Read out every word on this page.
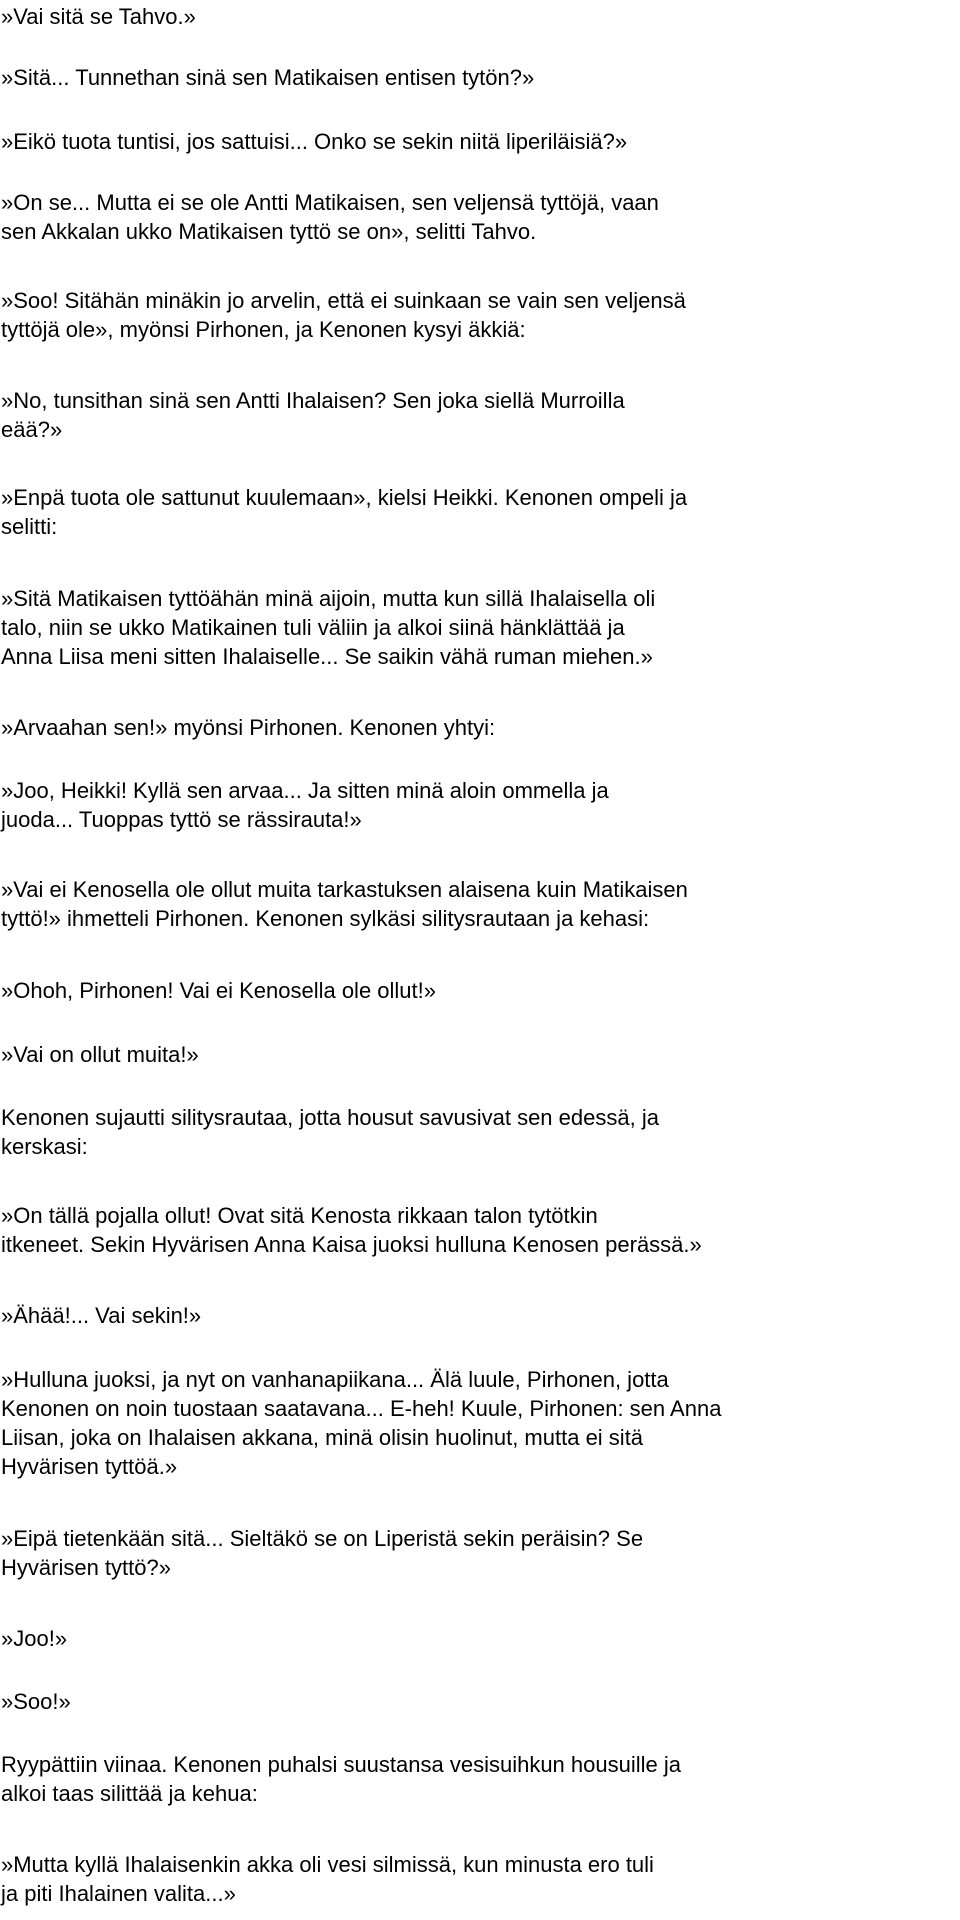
»Vai sitä se Tahvo.»

»Sitä... Tunnethan sinä sen Matikaisen entisen tytön?»

»Eikö tuota tuntisi, jos sattuisi... Onko se sekin niitä liperiläisiä?»

»On se... Mutta ei se ole Antti Matikaisen, sen veljensä tyttöjä, vaan
sen Akkalan ukko Matikaisen tyttö se on», selitti Tahvo.

»Soo! Sitähän minäkin jo arvelin, että ei suinkaan se vain sen veljensä
tyttöjä ole», myönsi Pirhonen, ja Kenonen kysyi äkkiä:

»No, tunsithan sinä sen Antti Ihalaisen? Sen joka siellä Murroilla
eää?»

»Enpä tuota ole sattunut kuulemaan», kielsi Heikki. Kenonen ompeli ja
selitti:

»Sitä Matikaisen tyttöähän minä aijoin, mutta kun sillä Ihalaisella oli
talo, niin se ukko Matikainen tuli väliin ja alkoi siinä hänklättää ja
Anna Liisa meni sitten Ihalaiselle... Se saikin vähä ruman miehen.»

»Arvaahan sen!» myönsi Pirhonen. Kenonen yhtyi:

»Joo, Heikki! Kyllä sen arvaa... Ja sitten minä aloin ommella ja
juoda... Tuoppas tyttö se rässirauta!»

»Vai ei Kenosella ole ollut muita tarkastuksen alaisena kuin Matikaisen
tyttö!» ihmetteli Pirhonen. Kenonen sylkäsi silitysrautaan ja kehasi:

»Ohoh, Pirhonen! Vai ei Kenosella ole ollut!»

»Vai on ollut muita!»

Kenonen sujautti silitysrautaa, jotta housut savusivat sen edessä, ja
kerskasi:

»On tällä pojalla ollut! Ovat sitä Kenosta rikkaan talon tytötkin
itkeneet. Sekin Hyvärisen Anna Kaisa juoksi hulluna Kenosen perässä.»

»Ähää!... Vai sekin!»

»Hulluna juoksi, ja nyt on vanhanapiikana... Älä luule, Pirhonen, jotta
Kenonen on noin tuostaan saatavana... E-heh! Kuule, Pirhonen: sen Anna
Liisan, joka on Ihalaisen akkana, minä olisin huolinut, mutta ei sitä
Hyvärisen tyttöä.»

»Eipä tietenkään sitä... Sieltäkö se on Liperistä sekin peräisin? Se
Hyvärisen tyttö?»

»Joo!»

»Soo!»

Ryypättiin viinaa. Kenonen puhalsi suustansa vesisuihkun housuille ja
alkoi taas silittää ja kehua:

»Mutta kyllä Ihalaisenkin akka oli vesi silmissä, kun minusta ero tuli
ja piti Ihalainen valita...»
